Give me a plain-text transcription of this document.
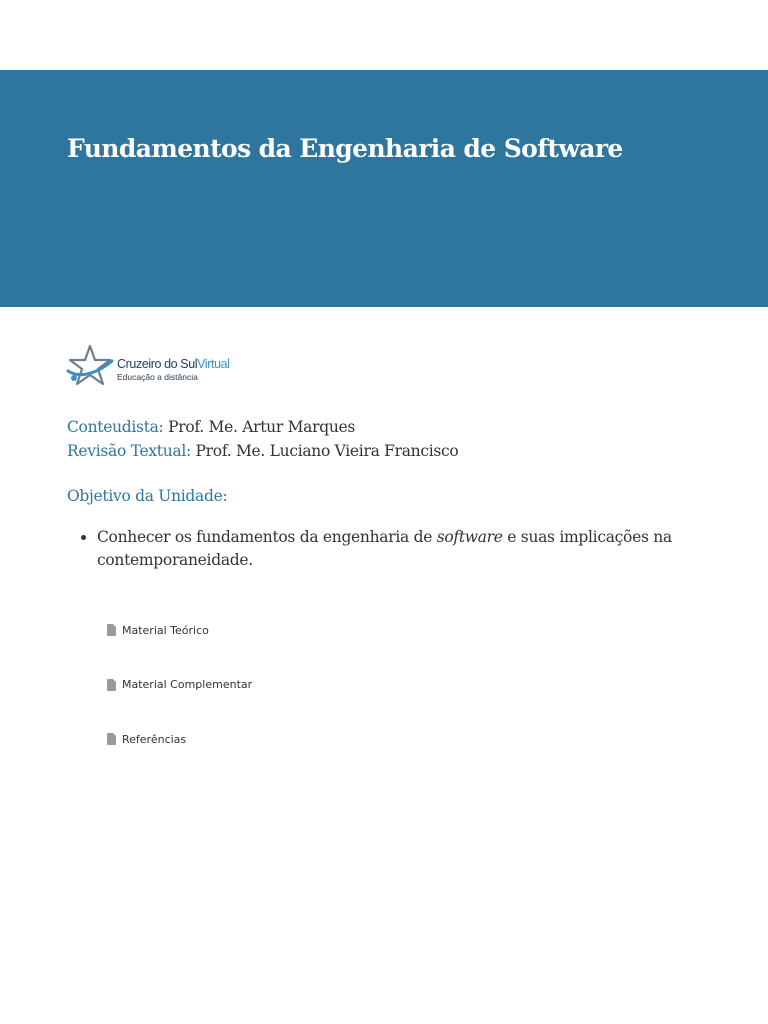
Fundamentos da Engenharia de Software
Cruzeiro do SulVirtual
Educação a distância
Conteudista: Prof. Me. Artur Marques
Revisão Textual: Prof. Me. Luciano Vieira Francisco
Objetivo da Unidade:
• Conhecer os fundamentos da engenharia de software e suas implicações na contemporaneidade.
Material Teórico
Material Complementar
Referências
